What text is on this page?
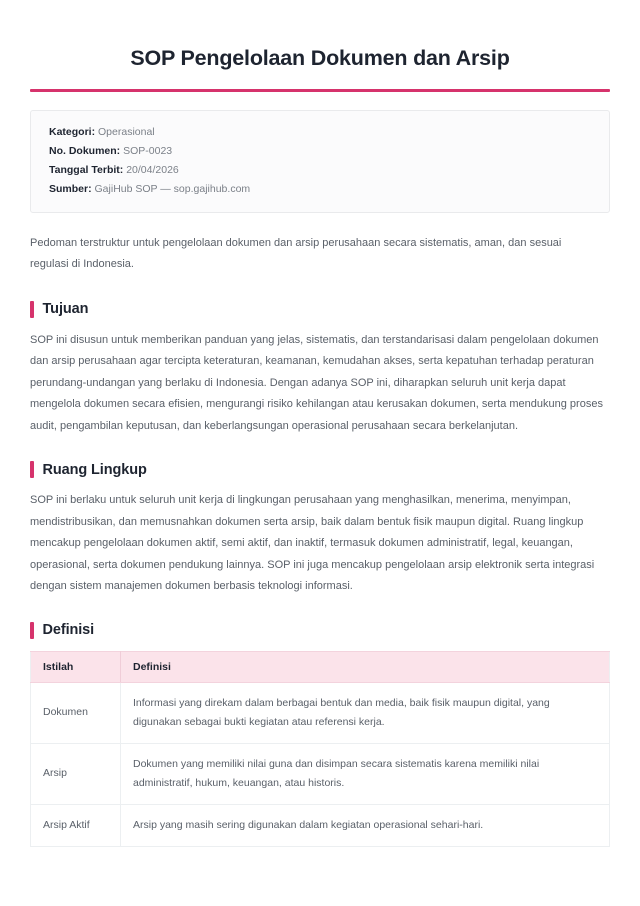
SOP Pengelolaan Dokumen dan Arsip
Kategori: Operasional
No. Dokumen: SOP-0023
Tanggal Terbit: 20/04/2026
Sumber: GajiHub SOP — sop.gajihub.com

Pedoman terstruktur untuk pengelolaan dokumen dan arsip perusahaan secara sistematis, aman, dan sesuai regulasi di Indonesia.

Tujuan

SOP ini disusun untuk memberikan panduan yang jelas, sistematis, dan terstandarisasi dalam pengelolaan dokumen dan arsip perusahaan agar tercipta keteraturan, keamanan, kemudahan akses, serta kepatuhan terhadap peraturan perundang-undangan yang berlaku di Indonesia. Dengan adanya SOP ini, diharapkan seluruh unit kerja dapat mengelola dokumen secara efisien, mengurangi risiko kehilangan atau kerusakan dokumen, serta mendukung proses audit, pengambilan keputusan, dan keberlangsungan operasional perusahaan secara berkelanjutan.

Ruang Lingkup

SOP ini berlaku untuk seluruh unit kerja di lingkungan perusahaan yang menghasilkan, menerima, menyimpan, mendistribusikan, dan memusnahkan dokumen serta arsip, baik dalam bentuk fisik maupun digital. Ruang lingkup mencakup pengelolaan dokumen aktif, semi aktif, dan inaktif, termasuk dokumen administratif, legal, keuangan, operasional, serta dokumen pendukung lainnya. SOP ini juga mencakup pengelolaan arsip elektronik serta integrasi dengan sistem manajemen dokumen berbasis teknologi informasi.

Definisi
Istilah	Definisi
Dokumen	Informasi yang direkam dalam berbagai bentuk dan media, baik fisik maupun digital, yang digunakan sebagai bukti kegiatan atau referensi kerja.
Arsip	Dokumen yang memiliki nilai guna dan disimpan secara sistematis karena memiliki nilai administratif, hukum, keuangan, atau historis.
Arsip Aktif	Arsip yang masih sering digunakan dalam kegiatan operasional sehari-hari.
